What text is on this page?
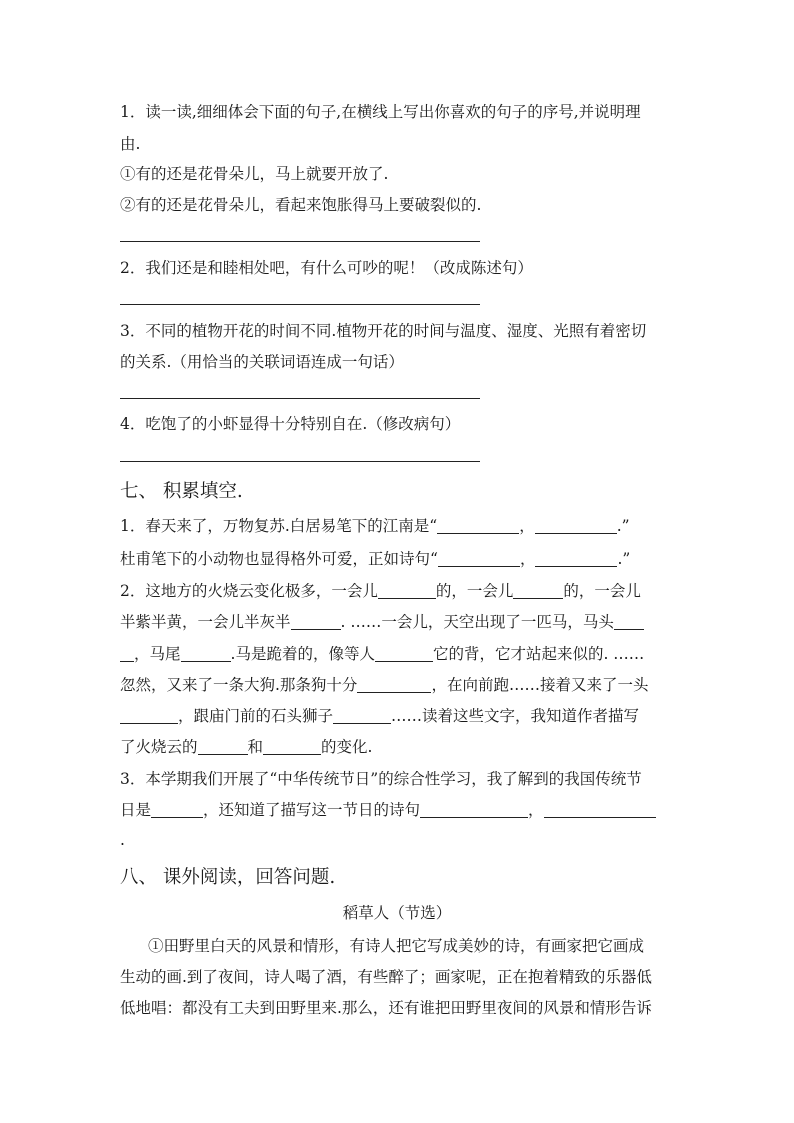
1．读一读,细细体会下面的句子,在横线上写出你喜欢的句子的序号,并说明理
由.
①有的还是花骨朵儿，马上就要开放了.
②有的还是花骨朵儿，看起来饱胀得马上要破裂似的.
2．我们还是和睦相处吧，有什么可吵的呢！（改成陈述句）
3．不同的植物开花的时间不同.植物开花的时间与温度、湿度、光照有着密切
的关系.（用恰当的关联词语连成一句话）
4．吃饱了的小虾显得十分特别自在.（修改病句）
七、 积累填空.
1．春天来了，万物复苏.白居易笔下的江南是“	，	.”
杜甫笔下的小动物也显得格外可爱，正如诗句“	，	.”
2．这地方的火烧云变化极多，一会儿	的，一会儿	的，一会儿
半紫半黄，一会儿半灰半	. ……一会儿，天空出现了一匹马，马头
，马尾	.马是跪着的，像等人	它的背，它才站起来似的. ……
忽然，又来了一条大狗.那条狗十分	，在向前跑……接着又来了一头
，跟庙门前的石头狮子	……读着这些文字，我知道作者描写
了火烧云的	和	的变化.
3．本学期我们开展了“中华传统节日”的综合性学习，我了解到的我国传统节
日是	，还知道了描写这一节日的诗句	，
.
八、 课外阅读，回答问题.
稻草人（节选）
①田野里白天的风景和情形，有诗人把它写成美妙的诗，有画家把它画成
生动的画.到了夜间，诗人喝了酒，有些醉了；画家呢，正在抱着精致的乐器低
低地唱：都没有工夫到田野里来.那么，还有谁把田野里夜间的风景和情形告诉
